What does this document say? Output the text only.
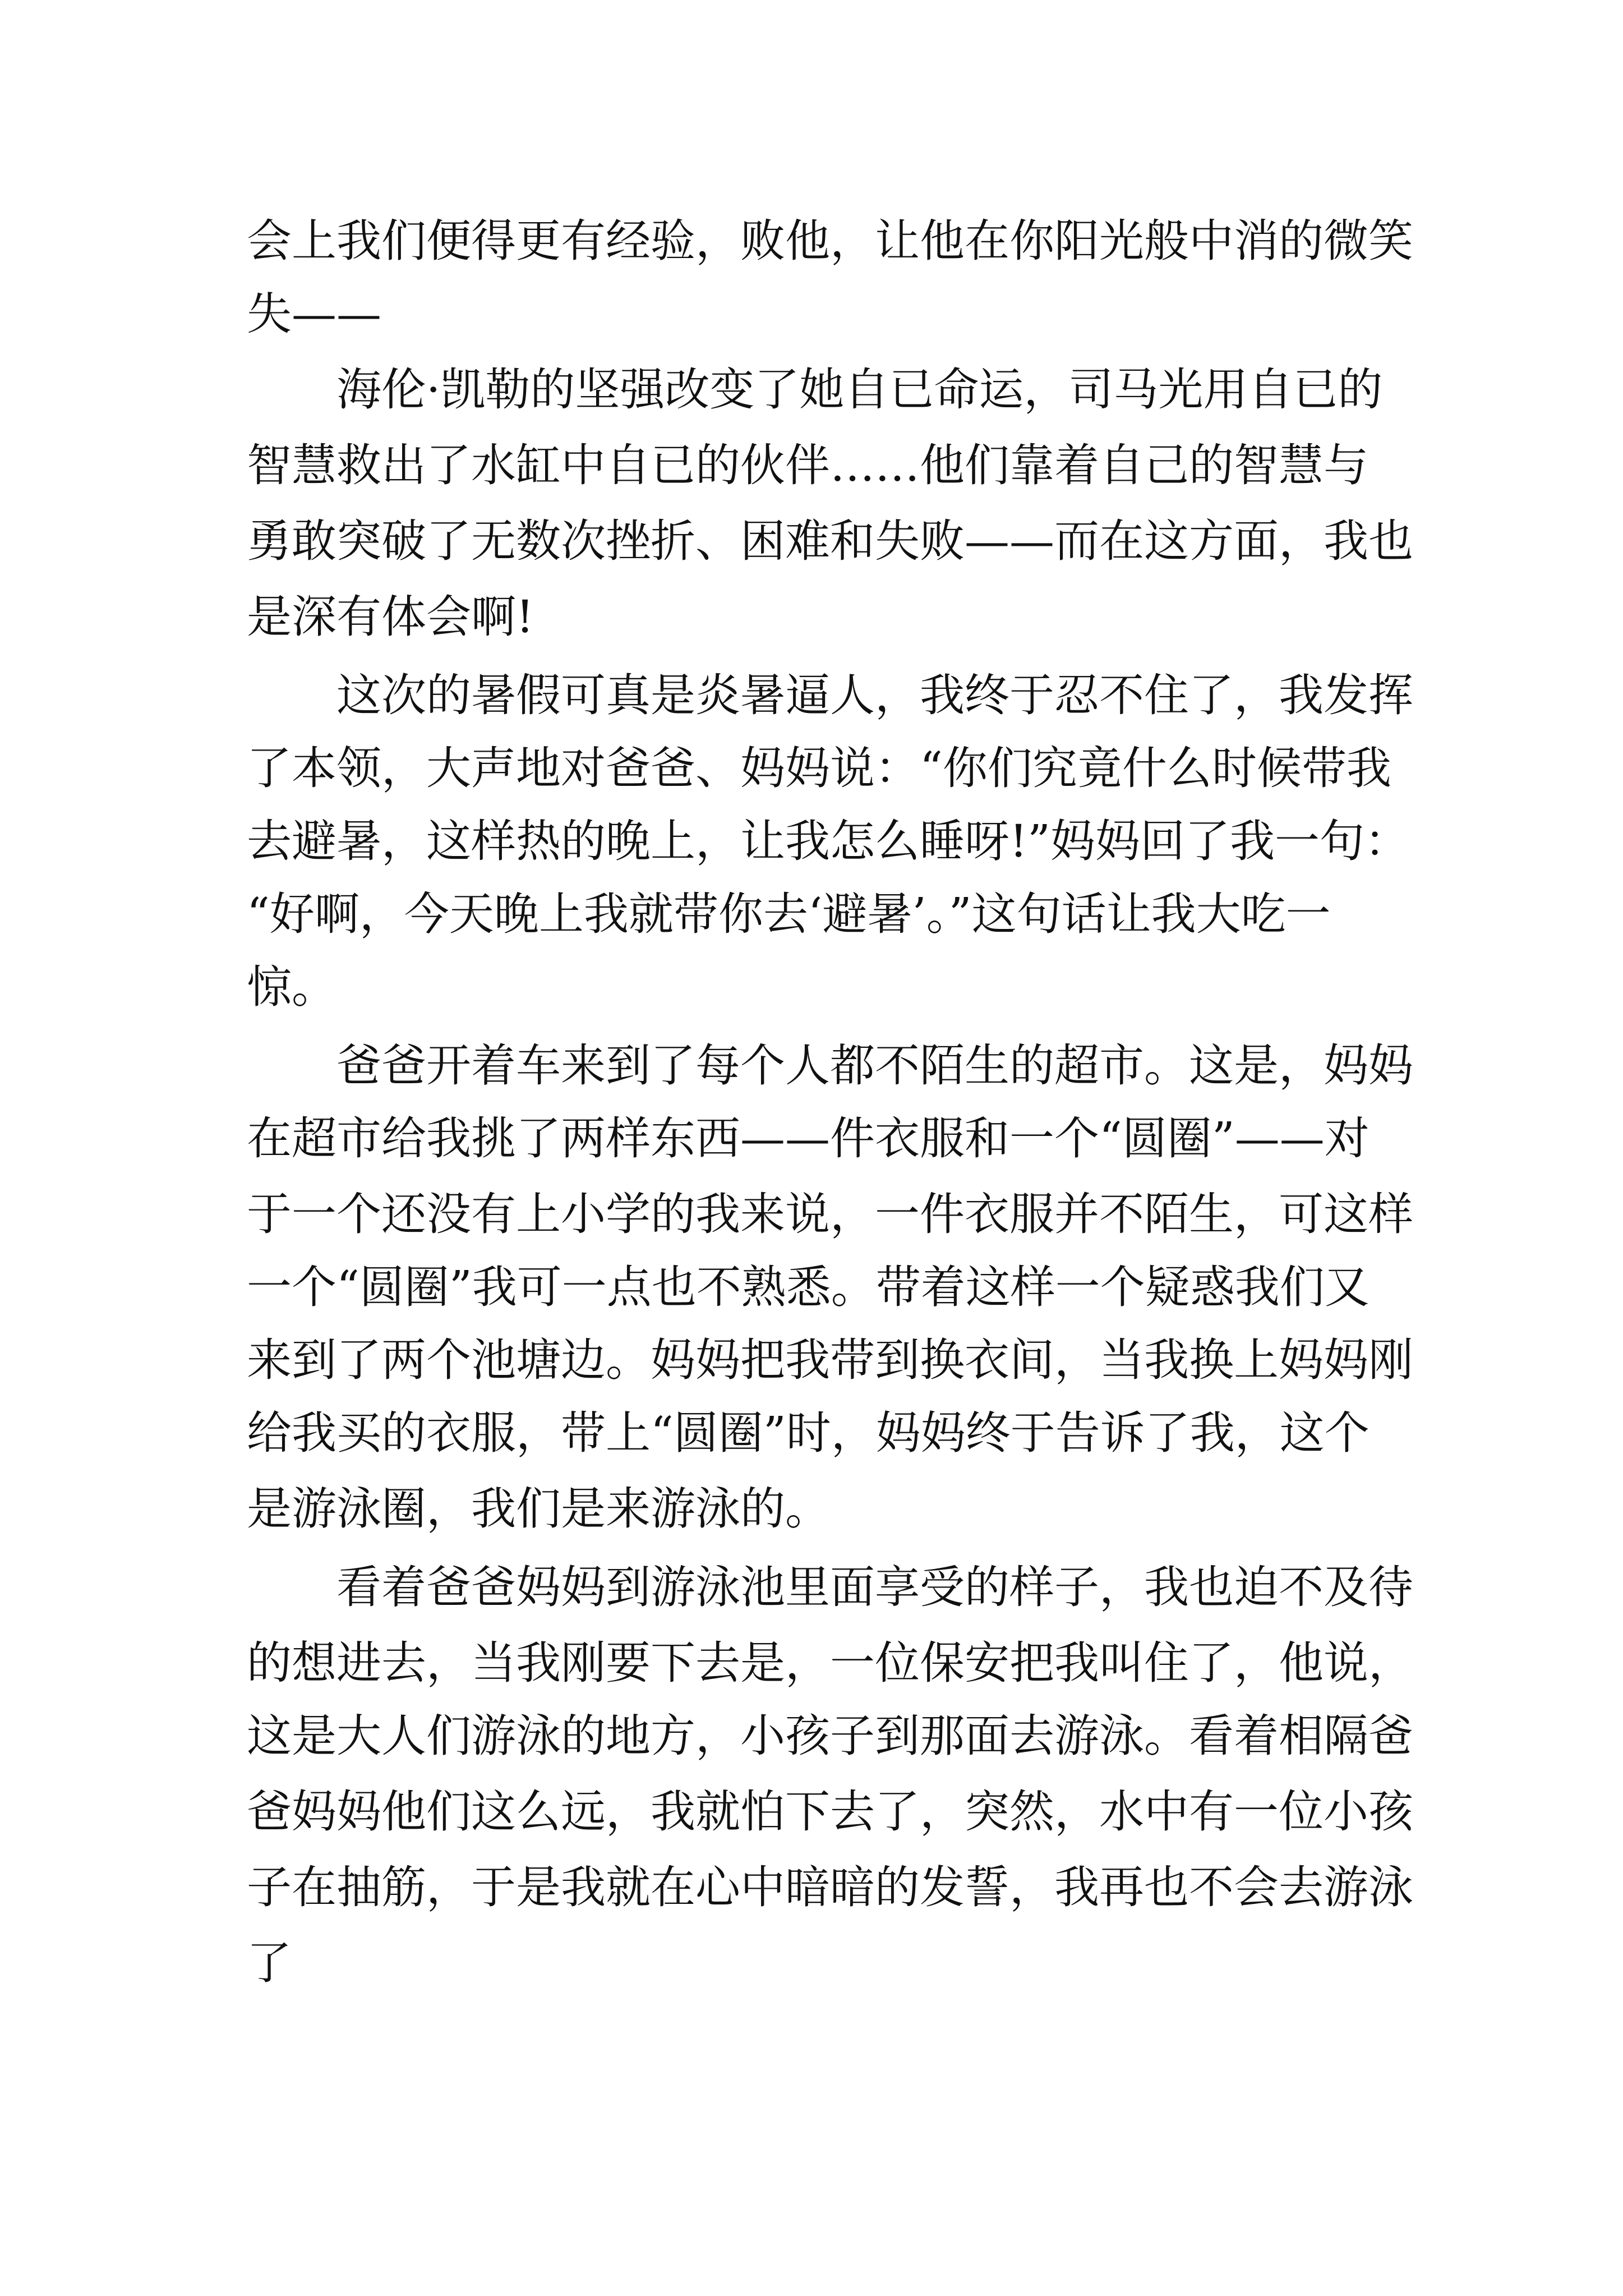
会上我们便得更有经验，败他，让他在你阳光般中消的微笑

失——

海伦·凯勒的坚强改变了她自已命运，司马光用自已的

智慧救出了水缸中自已的伙伴……他们靠着自己的智慧与

勇敢突破了无数次挫折、困难和失败——而在这方面，我也

是深有体会啊!

这次的暑假可真是炎暑逼人，我终于忍不住了，我发挥

了本领，大声地对爸爸、妈妈说：“你们究竟什么时候带我

去避暑，这样热的晚上，让我怎么睡呀!”妈妈回了我一句：

“好啊，今天晚上我就带你去‘避暑’。”这句话让我大吃一

惊。

爸爸开着车来到了每个人都不陌生的超市。这是，妈妈

在超市给我挑了两样东西——件衣服和一个“圆圈”——对

于一个还没有上小学的我来说，一件衣服并不陌生，可这样

一个“圆圈”我可一点也不熟悉。带着这样一个疑惑我们又

来到了两个池塘边。妈妈把我带到换衣间，当我换上妈妈刚

给我买的衣服，带上“圆圈”时，妈妈终于告诉了我，这个

是游泳圈，我们是来游泳的。

看着爸爸妈妈到游泳池里面享受的样子，我也迫不及待

的想进去，当我刚要下去是，一位保安把我叫住了，他说，

这是大人们游泳的地方，小孩子到那面去游泳。看着相隔爸

爸妈妈他们这么远，我就怕下去了，突然，水中有一位小孩

子在抽筋，于是我就在心中暗暗的发誓，我再也不会去游泳

了
